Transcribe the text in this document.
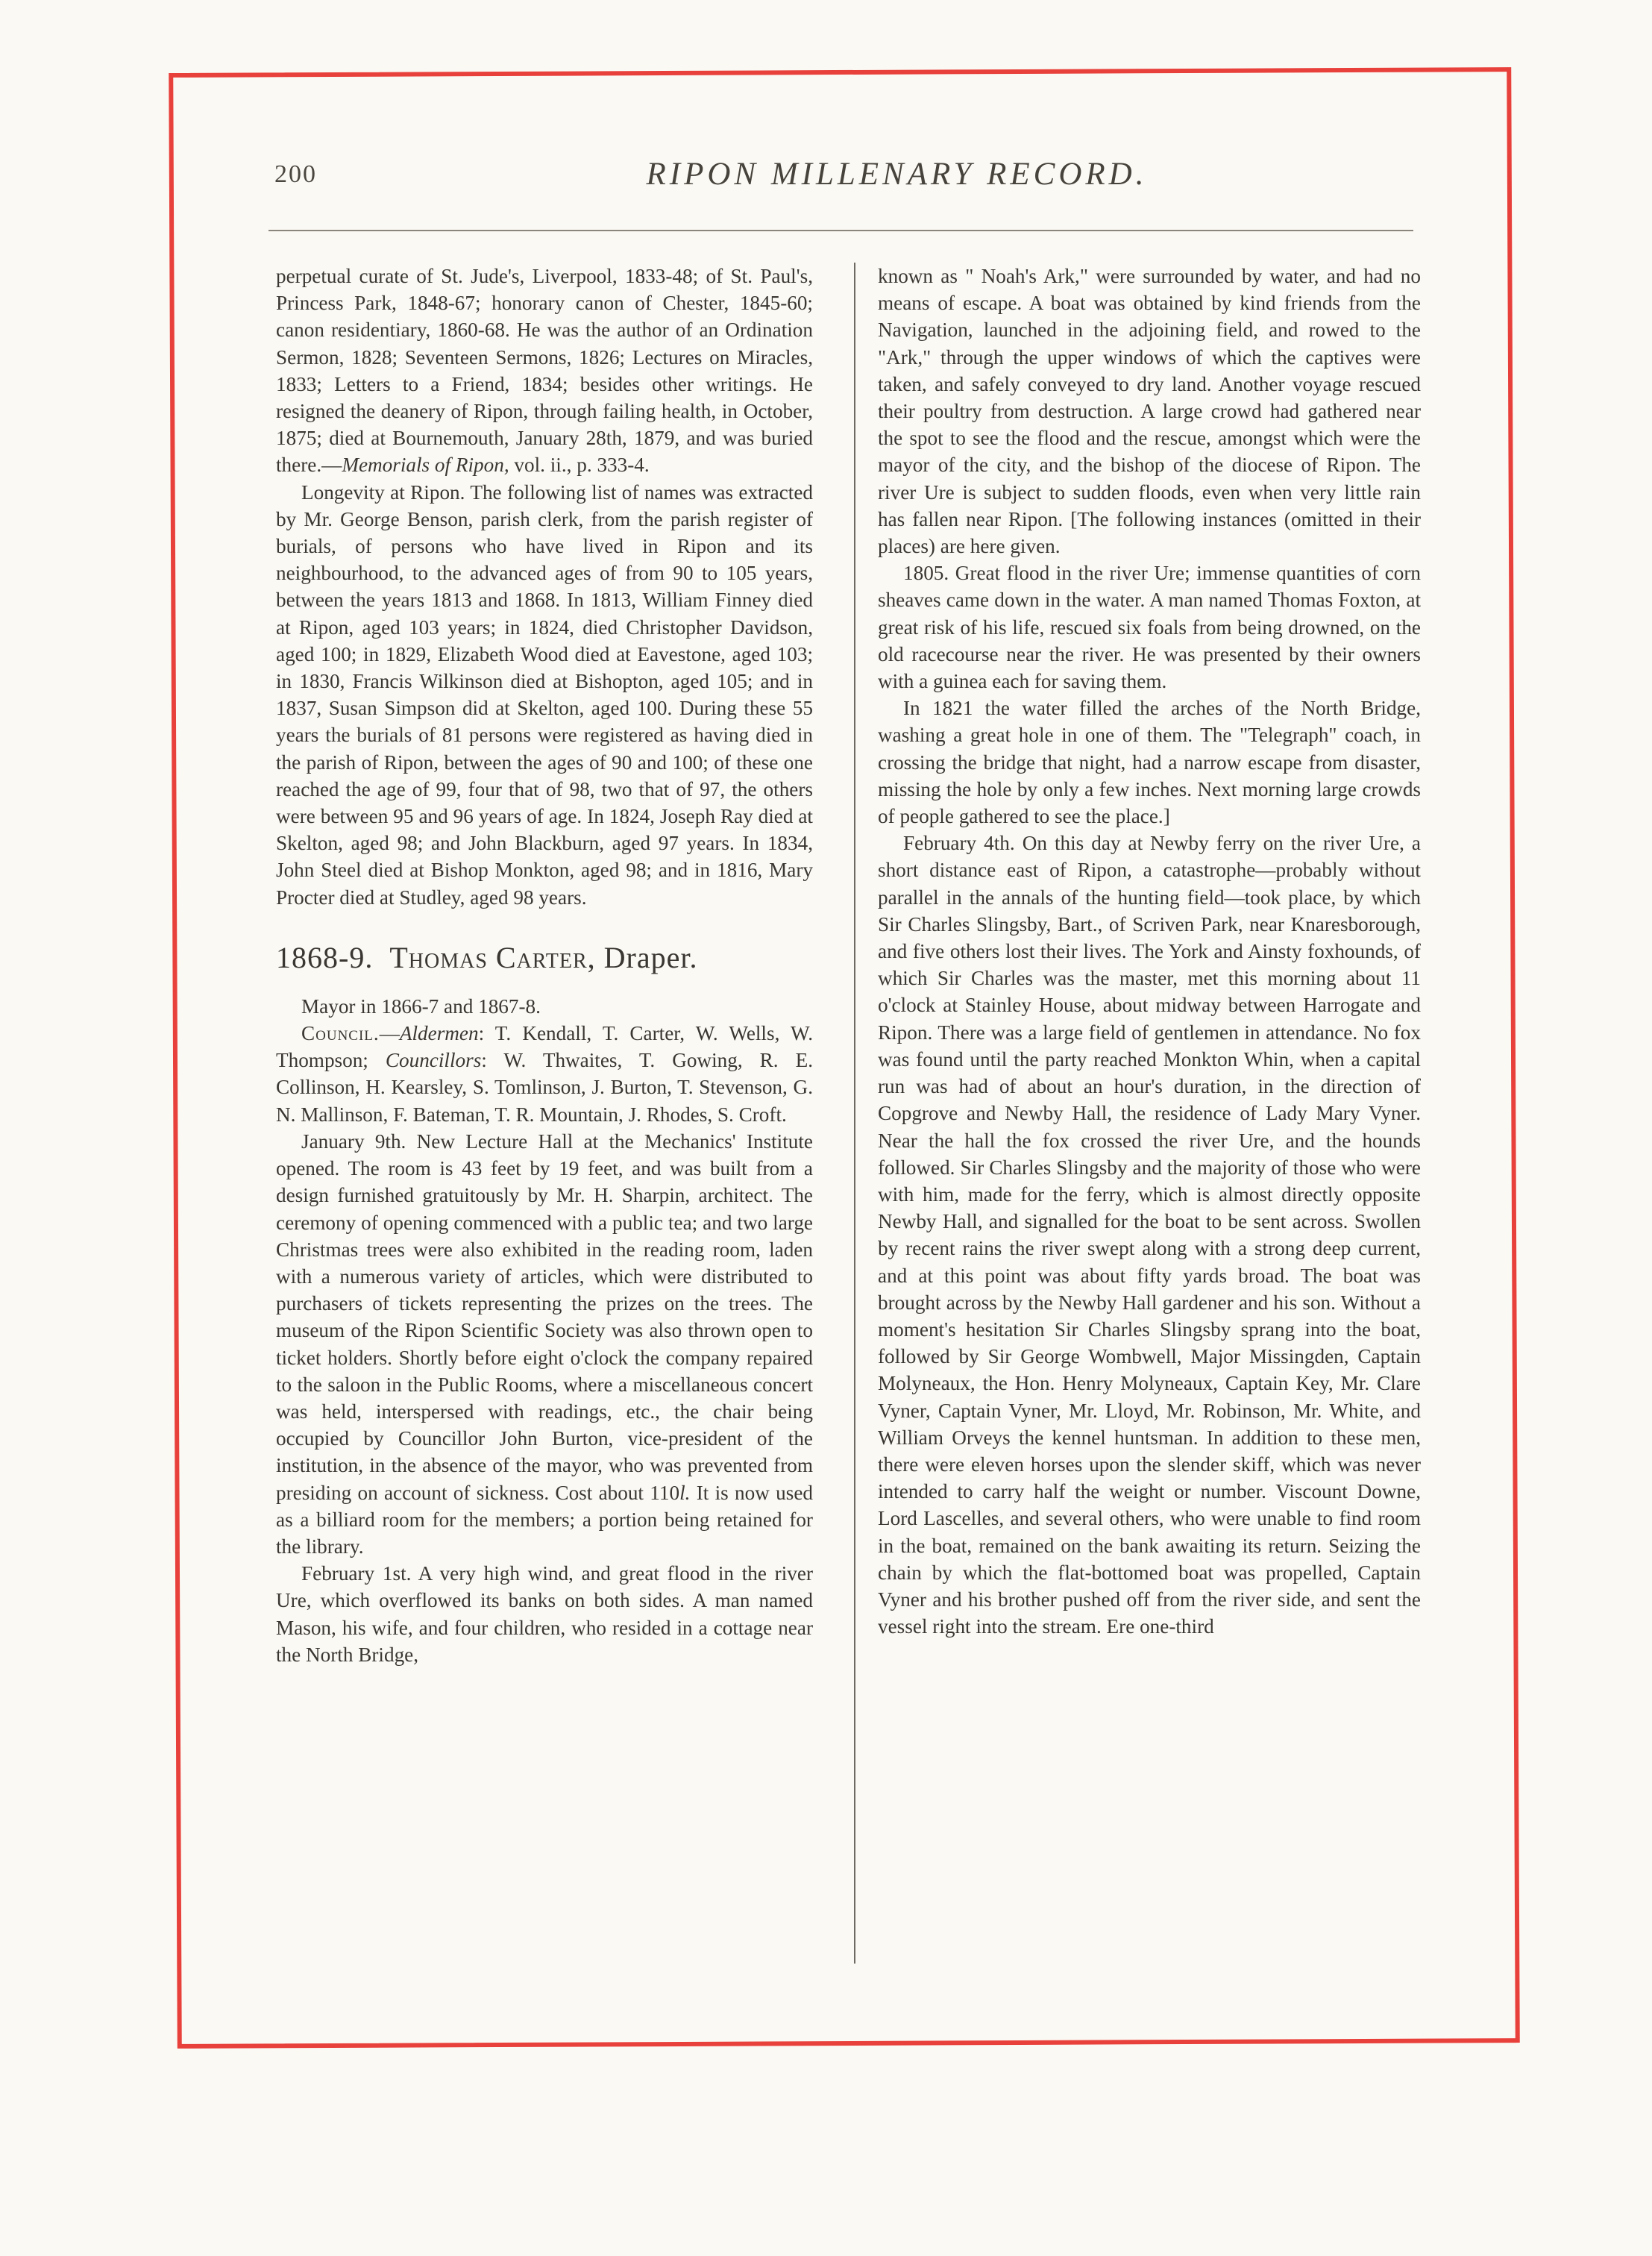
200	RIPON MILLENARY RECORD.

perpetual curate of St. Jude's, Liverpool, 1833-48; of St. Paul's, Princess Park, 1848-67; honorary canon of Chester, 1845-60; canon residentiary, 1860-68. He was the author of an Ordination Sermon, 1828; Seventeen Sermons, 1826; Lectures on Miracles, 1833; Letters to a Friend, 1834; besides other writings. He resigned the deanery of Ripon, through failing health, in October, 1875; died at Bournemouth, January 28th, 1879, and was buried there.—Memorials of Ripon, vol. ii., p. 333-4.

Longevity at Ripon. The following list of names was extracted by Mr. George Benson, parish clerk, from the parish register of burials, of persons who have lived in Ripon and its neighbourhood, to the advanced ages of from 90 to 105 years, between the years 1813 and 1868. In 1813, William Finney died at Ripon, aged 103 years; in 1824, died Christopher Davidson, aged 100; in 1829, Elizabeth Wood died at Eavestone, aged 103; in 1830, Francis Wilkinson died at Bishopton, aged 105; and in 1837, Susan Simpson did at Skelton, aged 100. During these 55 years the burials of 81 persons were registered as having died in the parish of Ripon, between the ages of 90 and 100; of these one reached the age of 99, four that of 98, two that of 97, the others were between 95 and 96 years of age. In 1824, Joseph Ray died at Skelton, aged 98; and John Blackburn, aged 97 years. In 1834, John Steel died at Bishop Monkton, aged 98; and in 1816, Mary Procter died at Studley, aged 98 years.

1868-9. Thomas Carter, Draper.

Mayor in 1866-7 and 1867-8.

Council.—Aldermen: T. Kendall, T. Carter, W. Wells, W. Thompson; Councillors: W. Thwaites, T. Gowing, R. E. Collinson, H. Kearsley, S. Tomlinson, J. Burton, T. Stevenson, G. N. Mallinson, F. Bateman, T. R. Mountain, J. Rhodes, S. Croft.

January 9th. New Lecture Hall at the Mechanics' Institute opened. The room is 43 feet by 19 feet, and was built from a design furnished gratuitously by Mr. H. Sharpin, architect. The ceremony of opening commenced with a public tea; and two large Christmas trees were also exhibited in the reading room, laden with a numerous variety of articles, which were distributed to purchasers of tickets representing the prizes on the trees. The museum of the Ripon Scientific Society was also thrown open to ticket holders. Shortly before eight o'clock the company repaired to the saloon in the Public Rooms, where a miscellaneous concert was held, interspersed with readings, etc., the chair being occupied by Councillor John Burton, vice-president of the institution, in the absence of the mayor, who was prevented from presiding on account of sickness. Cost about 110l. It is now used as a billiard room for the members; a portion being retained for the library.

February 1st. A very high wind, and great flood in the river Ure, which overflowed its banks on both sides. A man named Mason, his wife, and four children, who resided in a cottage near the North Bridge,

known as " Noah's Ark," were surrounded by water, and had no means of escape. A boat was obtained by kind friends from the Navigation, launched in the adjoining field, and rowed to the "Ark," through the upper windows of which the captives were taken, and safely conveyed to dry land. Another voyage rescued their poultry from destruction. A large crowd had gathered near the spot to see the flood and the rescue, amongst which were the mayor of the city, and the bishop of the diocese of Ripon. The river Ure is subject to sudden floods, even when very little rain has fallen near Ripon. [The following instances (omitted in their places) are here given.

1805. Great flood in the river Ure; immense quantities of corn sheaves came down in the water. A man named Thomas Foxton, at great risk of his life, rescued six foals from being drowned, on the old racecourse near the river. He was presented by their owners with a guinea each for saving them.

In 1821 the water filled the arches of the North Bridge, washing a great hole in one of them. The "Telegraph" coach, in crossing the bridge that night, had a narrow escape from disaster, missing the hole by only a few inches. Next morning large crowds of people gathered to see the place.]

February 4th. On this day at Newby ferry on the river Ure, a short distance east of Ripon, a catastrophe—probably without parallel in the annals of the hunting field—took place, by which Sir Charles Slingsby, Bart., of Scriven Park, near Knaresborough, and five others lost their lives. The York and Ainsty foxhounds, of which Sir Charles was the master, met this morning about 11 o'clock at Stainley House, about midway between Harrogate and Ripon. There was a large field of gentlemen in attendance. No fox was found until the party reached Monkton Whin, when a capital run was had of about an hour's duration, in the direction of Copgrove and Newby Hall, the residence of Lady Mary Vyner. Near the hall the fox crossed the river Ure, and the hounds followed. Sir Charles Slingsby and the majority of those who were with him, made for the ferry, which is almost directly opposite Newby Hall, and signalled for the boat to be sent across. Swollen by recent rains the river swept along with a strong deep current, and at this point was about fifty yards broad. The boat was brought across by the Newby Hall gardener and his son. Without a moment's hesitation Sir Charles Slingsby sprang into the boat, followed by Sir George Wombwell, Major Missingden, Captain Molyneaux, the Hon. Henry Molyneaux, Captain Key, Mr. Clare Vyner, Captain Vyner, Mr. Lloyd, Mr. Robinson, Mr. White, and William Orveys the kennel huntsman. In addition to these men, there were eleven horses upon the slender skiff, which was never intended to carry half the weight or number. Viscount Downe, Lord Lascelles, and several others, who were unable to find room in the boat, remained on the bank awaiting its return. Seizing the chain by which the flat-bottomed boat was propelled, Captain Vyner and his brother pushed off from the river side, and sent the vessel right into the stream. Ere one-third
